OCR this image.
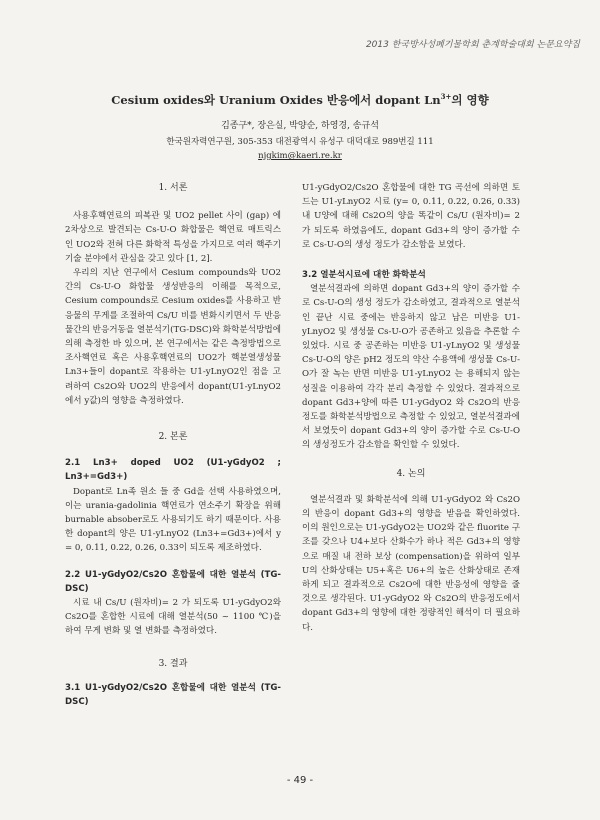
2013 한국방사성폐기물학회 춘계학술대회 논문요약집
Cesium oxides와 Uranium Oxides 반응에서 dopant $Ln^{3+}$의 영향
김종구*, 장은실, 박양순, 하영경, 송규석
한국원자력연구원, 305-353 대전광역시 유성구 대덕대로 989번길 111
njgkim@kaeri.re.kr
1. 서론

사용후핵연료의 피복관 및 UO2 pellet 사이 (gap) 에 2차상으로 발견되는 Cs-U-O 화합물은 핵연료 매트릭스인 UO2와 전혀 다른 화학적 특성을 가지므로 여러 핵주기 기술 분야에서 관심을 갖고 있다 [1, 2].

우리의 지난 연구에서 Cesium compounds와 UO2 간의 Cs-U-O 화합물 생성반응의 이해를 목적으로, Cesium compounds로 Cesium oxides를 사용하고 반응물의 무게를 조절하여 Cs/U 비를 변화시키면서 두 반응물간의 반응거동을 열분석기(TG-DSC)와 화학분석방법에 의해 측정한 바 있으며, 본 연구에서는 같은 측정방법으로 조사핵연료 혹은 사용후핵연료의 UO2가 핵분열생성물 Ln3+들이 dopant로 작용하는 U1-yLnyO2인 점을 고려하여 Cs2O와 UO2의 반응에서 dopant(U1-yLnyO2에서 y값)의 영향을 측정하였다.

2. 본론
2.1 Ln3+ doped UO2 (U1-yGdyO2 ; Ln3+=Gd3+)

Dopant로 Ln족 원소 들 중 Gd을 선택 사용하였으며, 이는 urania-gadolinia 핵연료가 연소주기 확장을 위해 burnable absober로도 사용되기도 하기 때문이다. 사용한 dopant의 양은 U1-yLnyO2 (Ln3+=Gd3+)에서 y = 0, 0.11, 0.22, 0.26, 0.33이 되도록 제조하였다.

2.2 U1-yGdyO2/Cs2O 혼합물에 대한 열분석 (TG-DSC)

시료 내 Cs/U (원자비)= 2 가 되도록 U1-yGdyO2와 Cs2O를 혼합한 시료에 대해 열분석(50 ~ 1100 ℃)을 하여 무게 변화 및 열 변화를 측정하였다.

3. 결과
3.1 U1-yGdyO2/Cs2O 혼합물에 대한 열분석 (TG-DSC)

U1-yGdyO2/Cs2O 혼합물에 대한 TG 곡선에 의하면 토드는 U1-yLnyO2 시료 (y= 0, 0.11, 0.22, 0.26, 0.33) 내 U양에 대해 Cs2O의 양을 똑같이 Cs/U (원자비)= 2 가 되도록 하였음에도, dopant Gd3+의 양이 증가할 수로 Cs-U-O의 생성 정도가 감소함을 보였다.

3.2 열분석시료에 대한 화학분석

열분석결과에 의하면 dopant Gd3+의 양이 증가할 수로 Cs-U-O의 생성 정도가 감소하였고, 결과적으로 열분석인 끝난 시료 중에는 반응하지 않고 남은 미반응 U1-yLnyO2 및 생성물 Cs-U-O가 공존하고 있음을 추론할 수 있었다. 시료 중 공존하는 미반응 U1-yLnyO2 및 생성물 Cs-U-O의 양은 pH2 정도의 약산 수용액에 생성물 Cs-U-O가 잘 녹는 반면 미반응 U1-yLnyO2 는 용해되지 않는 성질을 이용하여 각각 분리 측정할 수 있었다. 결과적으로 dopant Gd3+양에 따른 U1-yGdyO2 와 Cs2O의 반응정도를 화학분석방법으로 측정할 수 있었고, 열분석결과에서 보였듯이 dopant Gd3+의 양이 증가할 수로 Cs-U-O의 생성정도가 감소함을 확인할 수 있었다.

4. 논의

열분석결과 및 화학분석에 의해 U1-yGdyO2 와 Cs2O의 반응이 dopant Gd3+의 영향을 받음을 확인하였다. 이의 원인으로는 U1-yGdyO2는 UO2와 같은 fluorite 구조를 갖으나 U4+보다 산화수가 하나 적은 Gd3+의 영향으로 매질 내 전하 보상 (compensation)을 위하여 일부 U의 산화상태는 U5+혹은 U6+의 높은 산화상태로 존재하게 되고 결과적으로 Cs2O에 대한 반응성에 영향을 줄 것으로 생각된다. U1-yGdyO2 와 Cs2O의 반응정도에서 dopant Gd3+의 영향에 대한 정량적인 해석이 더 필요하다.

- 49 -
